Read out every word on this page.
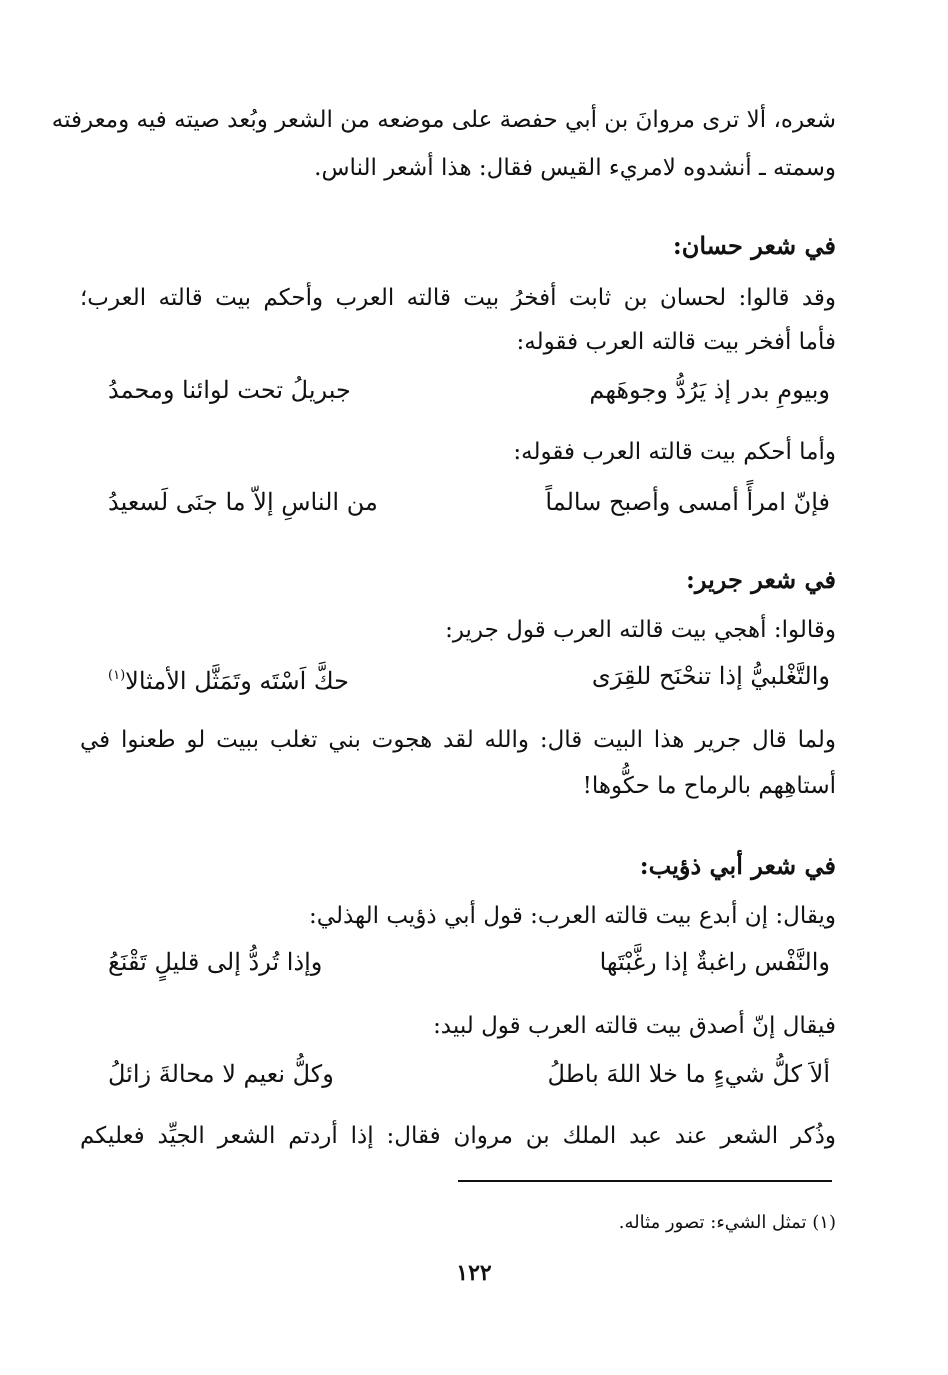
شعره، ألا ترى مروانَ بن أبي حفصة على موضعه من الشعر وبُعد صيته فيه ومعرفته
وسمته ـ أنشدوه لامريء القيس فقال: هذا أشعر الناس.
في شعر حسان:
وقد قالوا: لحسان بن ثابت أفخرُ بيت قالته العرب وأحكم بيت قالته العرب؛
فأما أفخر بيت قالته العرب فقوله:
وبيومِ بدر إذ يَرُدُّ وجوهَهم
جبريلُ تحت لوائنا ومحمدُ
وأما أحكم بيت قالته العرب فقوله:
فإنّ امرأً أمسى وأصبح سالماً
من الناسِ إلاّ ما جنَى لَسعيدُ
في شعر جرير:
وقالوا: أهجي بيت قالته العرب قول جرير:
والتَّغْلبيُّ إذا تنحْنَح للقِرَى
حكَّ اَسْتَه وتَمَثَّل الأمثالا$^{(١)}$
ولما قال جرير هذا البيت قال: والله لقد هجوت بني تغلب ببيت لو طعنوا في
أستاهِهم بالرماح ما حكُّوها!
في شعر أبي ذؤيب:
ويقال: إن أبدع بيت قالته العرب: قول أبي ذؤيب الهذلي:
والنَّفْس راغبةٌ إذا رغَّبْتَها
وإذا تُردُّ إلى قليلٍ تَقْنَعُ
فيقال إنّ أصدق بيت قالته العرب قول لبيد:
ألاَ كلُّ شيءٍ ما خلا اللهَ باطلُ
وكلُّ نعيم لا محالةَ زائلُ
وذُكر الشعر عند عبد الملك بن مروان فقال: إذا أردتم الشعر الجيِّد فعليكم
(١) تمثل الشيء: تصور مثاله.
١٢٢
